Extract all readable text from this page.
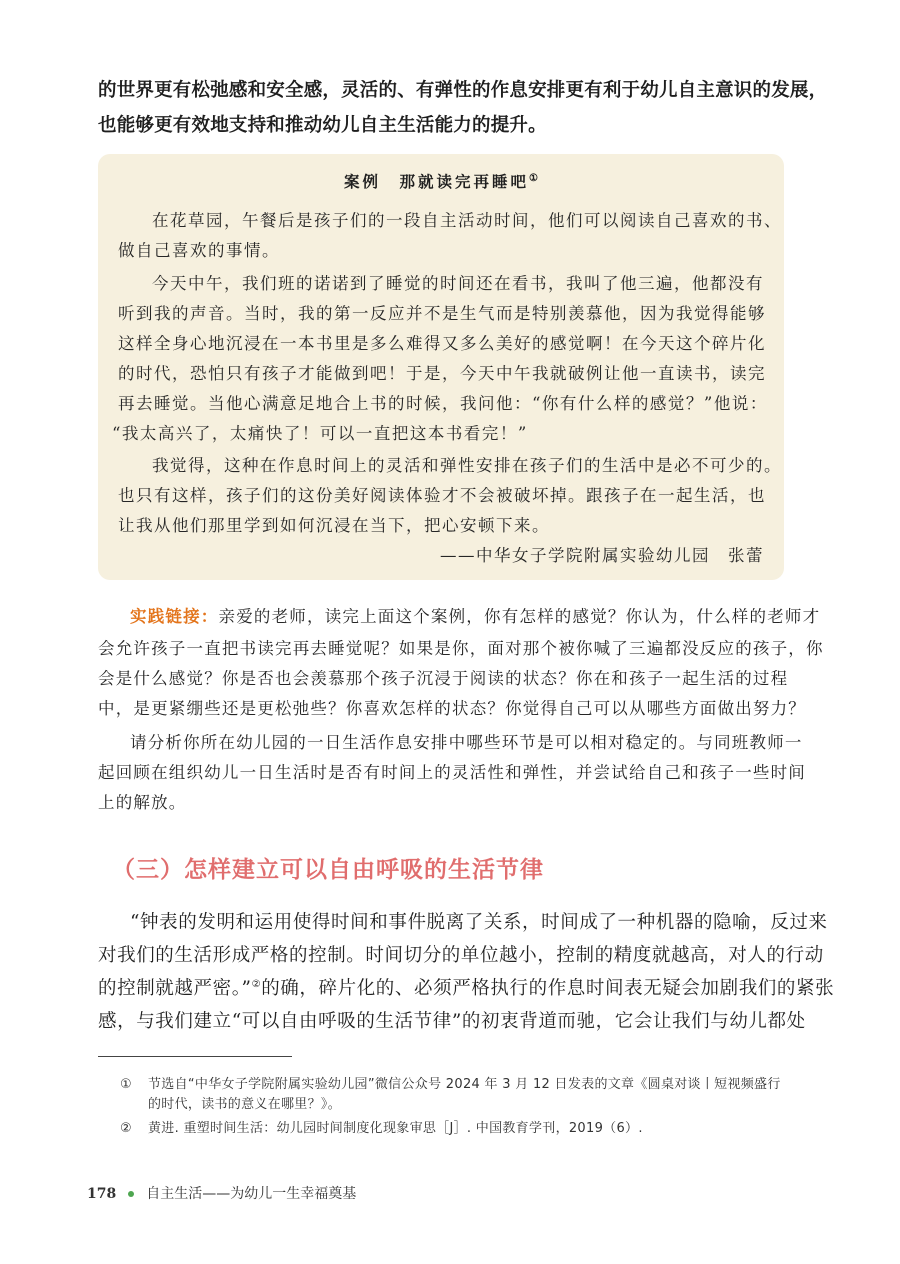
的世界更有松弛感和安全感，灵活的、有弹性的作息安排更有利于幼儿自主意识的发展，
也能够更有效地支持和推动幼儿自主生活能力的提升。
案例　那就读完再睡吧①
在花草园，午餐后是孩子们的一段自主活动时间，他们可以阅读自己喜欢的书、
做自己喜欢的事情。
今天中午，我们班的诺诺到了睡觉的时间还在看书，我叫了他三遍，他都没有
听到我的声音。当时，我的第一反应并不是生气而是特别羡慕他，因为我觉得能够
这样全身心地沉浸在一本书里是多么难得又多么美好的感觉啊！在今天这个碎片化
的时代，恐怕只有孩子才能做到吧！于是，今天中午我就破例让他一直读书，读完
再去睡觉。当他心满意足地合上书的时候，我问他：“你有什么样的感觉？”他说：
“我太高兴了，太痛快了！可以一直把这本书看完！”
我觉得，这种在作息时间上的灵活和弹性安排在孩子们的生活中是必不可少的。
也只有这样，孩子们的这份美好阅读体验才不会被破坏掉。跟孩子在一起生活，也
让我从他们那里学到如何沉浸在当下，把心安顿下来。
——中华女子学院附属实验幼儿园　张蕾
实践链接：亲爱的老师，读完上面这个案例，你有怎样的感觉？你认为，什么样的老师才
会允许孩子一直把书读完再去睡觉呢？如果是你，面对那个被你喊了三遍都没反应的孩子，你
会是什么感觉？你是否也会羡慕那个孩子沉浸于阅读的状态？你在和孩子一起生活的过程
中，是更紧绷些还是更松弛些？你喜欢怎样的状态？你觉得自己可以从哪些方面做出努力？
请分析你所在幼儿园的一日生活作息安排中哪些环节是可以相对稳定的。与同班教师一
起回顾在组织幼儿一日生活时是否有时间上的灵活性和弹性，并尝试给自己和孩子一些时间
上的解放。
（三）怎样建立可以自由呼吸的生活节律
“钟表的发明和运用使得时间和事件脱离了关系，时间成了一种机器的隐喻，反过来
对我们的生活形成严格的控制。时间切分的单位越小，控制的精度就越高，对人的行动
的控制就越严密。”②的确，碎片化的、必须严格执行的作息时间表无疑会加剧我们的紧张
感，与我们建立“可以自由呼吸的生活节律”的初衷背道而驰，它会让我们与幼儿都处
① 节选自“中华女子学院附属实验幼儿园”微信公众号 2024 年 3 月 12 日发表的文章《圆桌对谈丨短视频盛行
的时代，读书的意义在哪里？》。
② 黄进. 重塑时间生活：幼儿园时间制度化现象审思［J］. 中国教育学刊，2019（6）.
178 自主生活——为幼儿一生幸福奠基
